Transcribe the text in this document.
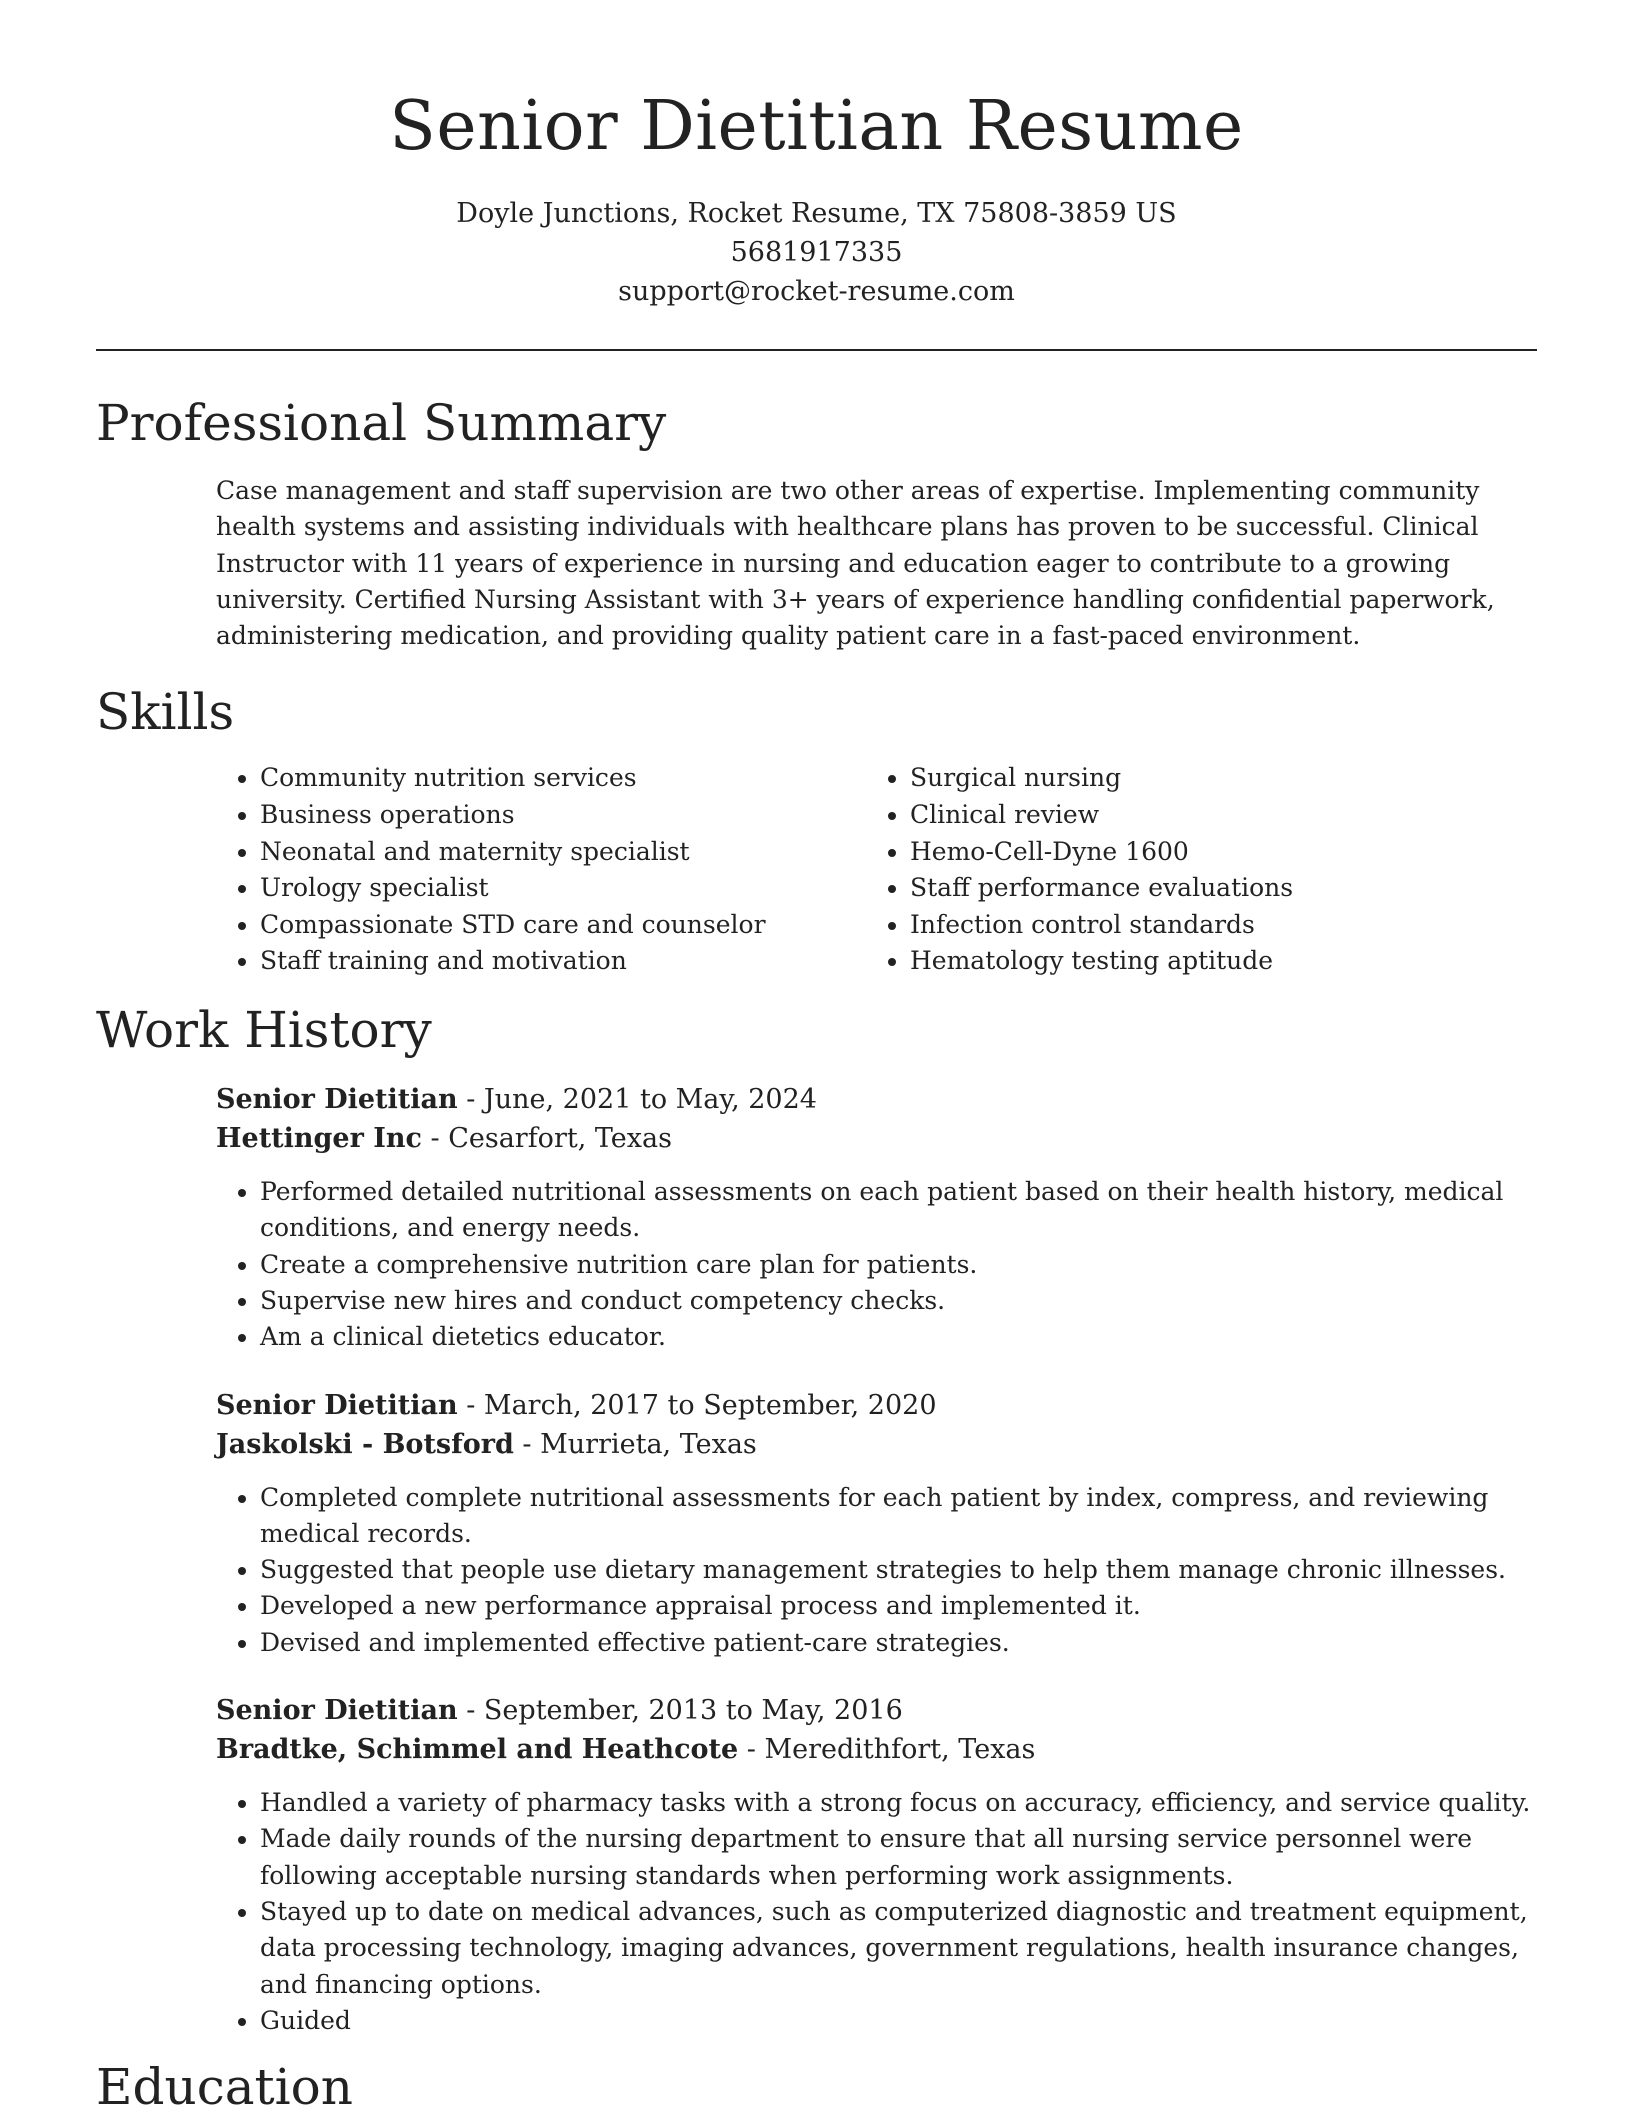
Senior Dietitian Resume
Doyle Junctions, Rocket Resume, TX 75808-3859 US
5681917335
support@rocket-resume.com
Professional Summary

Case management and staff supervision are two other areas of expertise. Implementing community health systems and assisting individuals with healthcare plans has proven to be successful. Clinical Instructor with 11 years of experience in nursing and education eager to contribute to a growing university. Certified Nursing Assistant with 3+ years of experience handling confidential paperwork, administering medication, and providing quality patient care in a fast-paced environment.

Skills
• Community nutrition services
• Business operations
• Neonatal and maternity specialist
• Urology specialist
• Compassionate STD care and counselor
• Staff training and motivation
• Surgical nursing
• Clinical review
• Hemo-Cell-Dyne 1600
• Staff performance evaluations
• Infection control standards
• Hematology testing aptitude
Work History
Senior Dietitian - June, 2021 to May, 2024
Hettinger Inc - Cesarfort, Texas
• Performed detailed nutritional assessments on each patient based on their health history, medical conditions, and energy needs.
• Create a comprehensive nutrition care plan for patients.
• Supervise new hires and conduct competency checks.
• Am a clinical dietetics educator.
Senior Dietitian - March, 2017 to September, 2020
Jaskolski - Botsford - Murrieta, Texas
• Completed complete nutritional assessments for each patient by index, compress, and reviewing medical records.
• Suggested that people use dietary management strategies to help them manage chronic illnesses.
• Developed a new performance appraisal process and implemented it.
• Devised and implemented effective patient-care strategies.
Senior Dietitian - September, 2013 to May, 2016
Bradtke, Schimmel and Heathcote - Meredithfort, Texas
• Handled a variety of pharmacy tasks with a strong focus on accuracy, efficiency, and service quality.
• Made daily rounds of the nursing department to ensure that all nursing service personnel were following acceptable nursing standards when performing work assignments.
• Stayed up to date on medical advances, such as computerized diagnostic and treatment equipment, data processing technology, imaging advances, government regulations, health insurance changes, and financing options.
• Guided
Education
